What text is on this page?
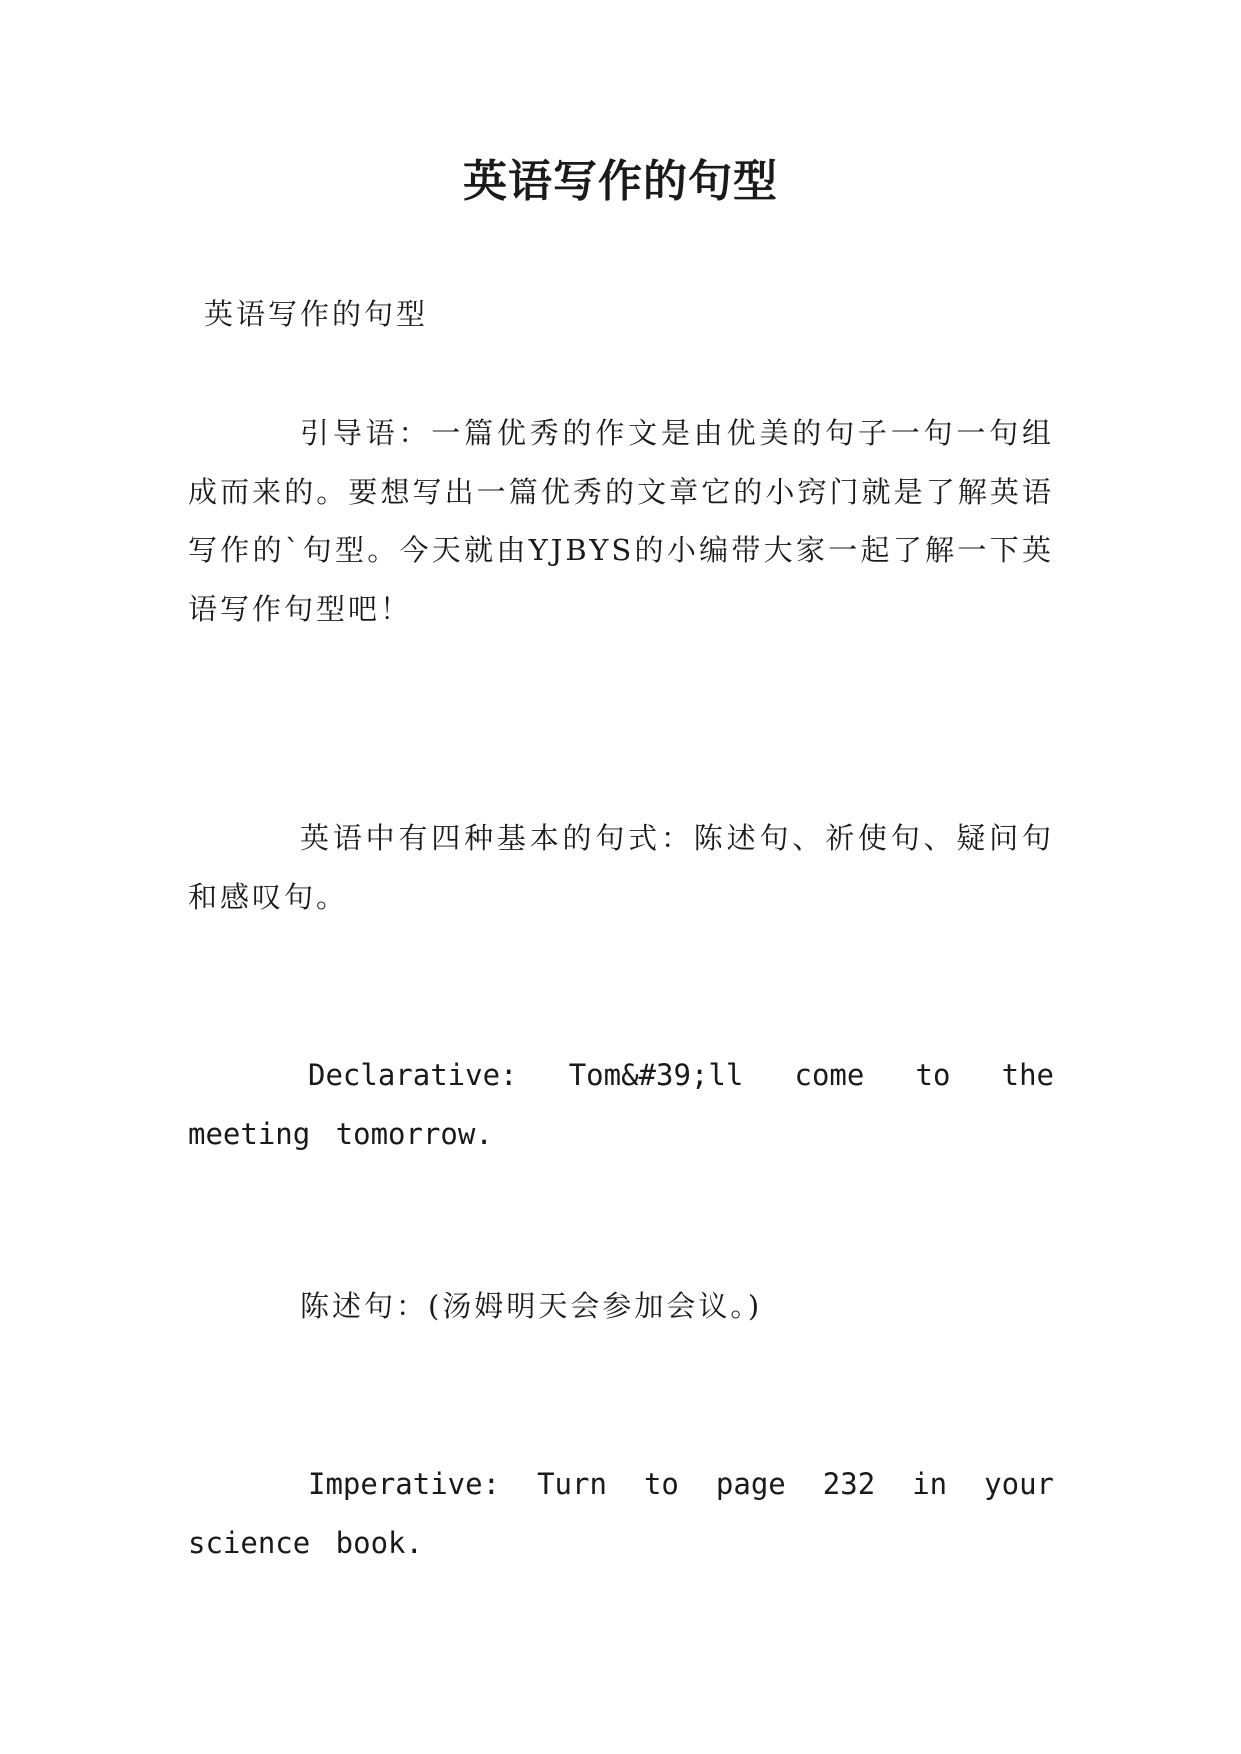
英语写作的句型
英语写作的句型
引导语：一篇优秀的作文是由优美的句子一句一句组成而来的。要想写出一篇优秀的文章它的小窍门就是了解英语写作的`句型。今天就由YJBYS的小编带大家一起了解一下英语写作句型吧！
英语中有四种基本的句式：陈述句、祈使句、疑问句和感叹句。
Declarative: Tom&#39;ll come to the meeting tomorrow.
陈述句：(汤姆明天会参加会议。)
Imperative: Turn to page 232 in your science book.
